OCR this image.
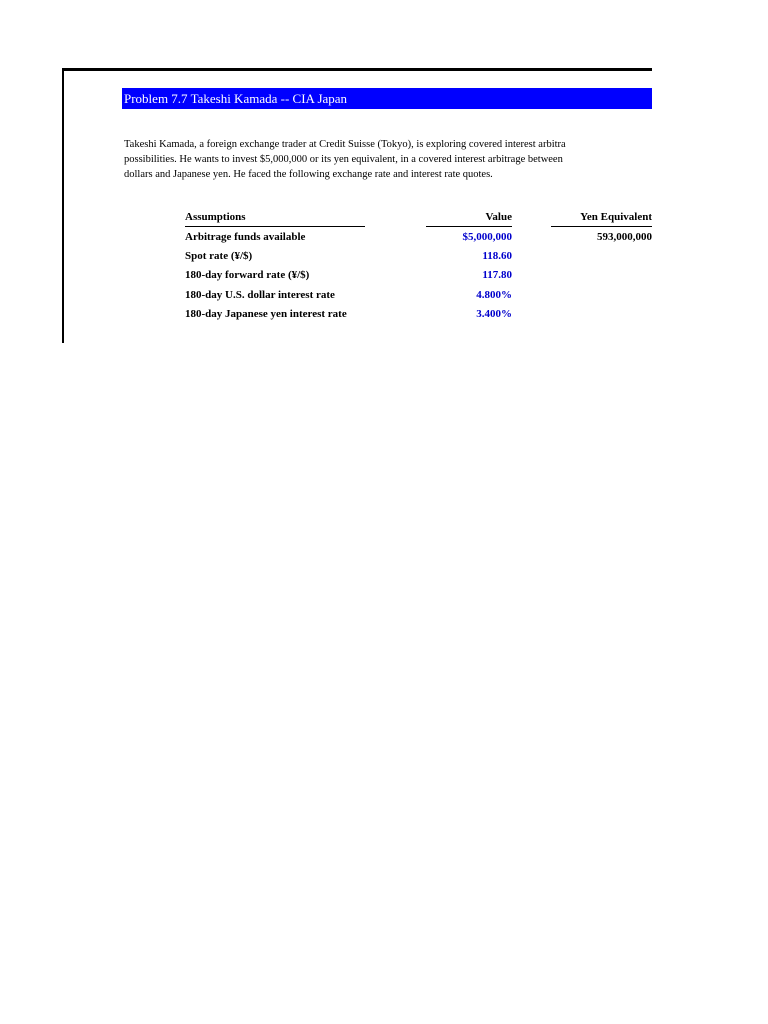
Problem 7.7 Takeshi Kamada -- CIA Japan
Takeshi Kamada, a foreign exchange trader at Credit Suisse (Tokyo), is exploring covered interest arbitra
possibilities. He wants to invest $5,000,000 or its yen equivalent, in a covered interest arbitrage between
dollars and Japanese yen. He faced the following exchange rate and interest rate quotes.
Assumptions	Value	Yen Equivalent
Arbitrage funds available	$5,000,000	593,000,000
Spot rate (¥/$)	118.60
180-day forward rate (¥/$)	117.80
180-day U.S. dollar interest rate	4.800%
180-day Japanese yen interest rate	3.400%
